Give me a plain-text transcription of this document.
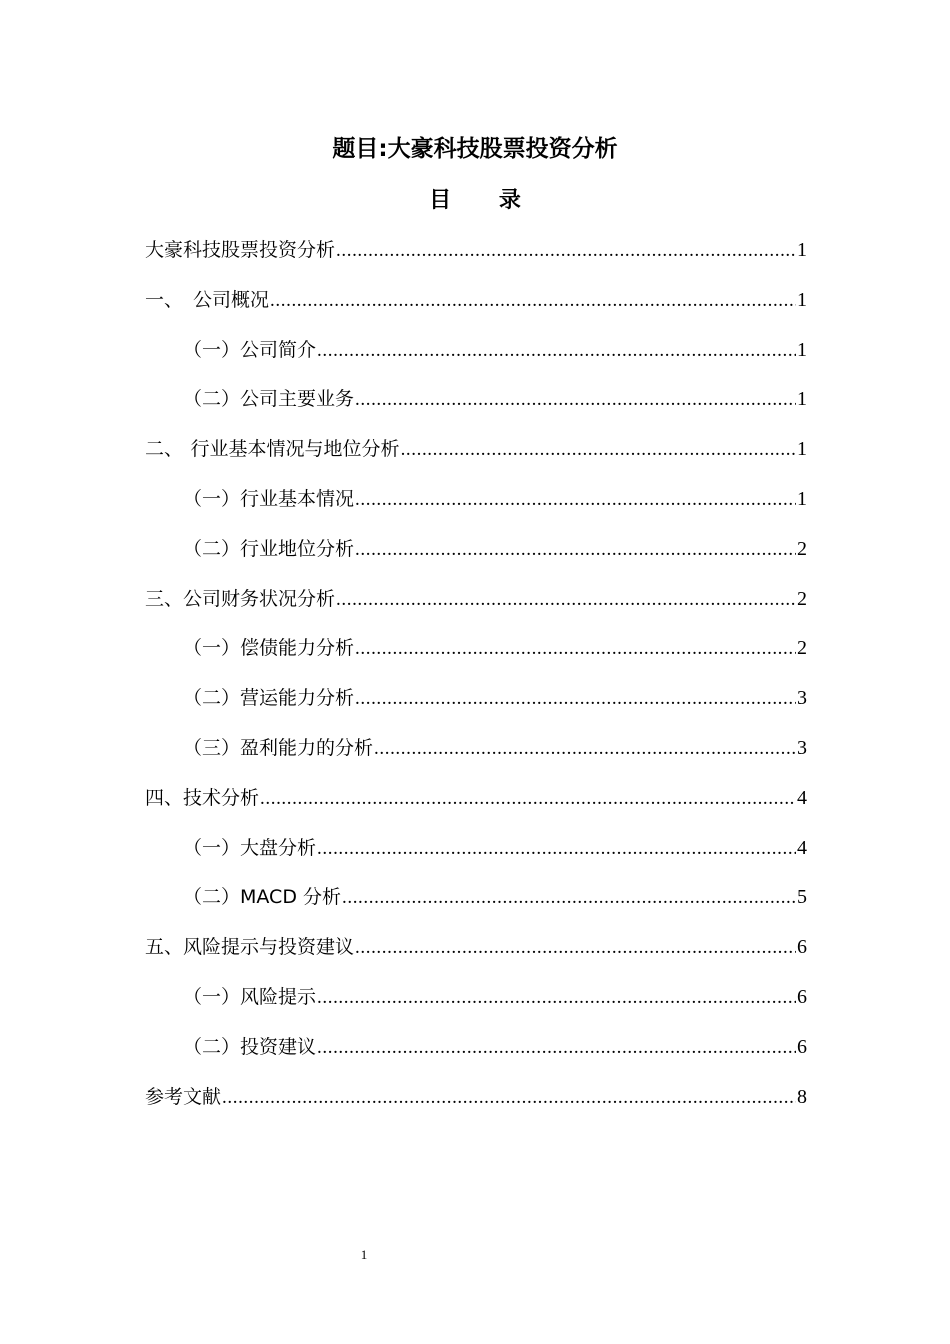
题目:大豪科技股票投资分析
目 录
大豪科技股票投资分析 .....	1
一、 公司概况 .....	1
（一）公司简介 .....	1
（二）公司主要业务 .....	1
二、 行业基本情况与地位分析 .....	1
（一）行业基本情况 .....	1
（二）行业地位分析 .....	2
三、公司财务状况分析 .....	2
（一）偿债能力分析 .....	2
（二）营运能力分析 .....	3
（三）盈利能力的分析 .....	3
四、技术分析 .....	4
（一）大盘分析 .....	4
（二）MACD 分析 .....	5
五、风险提示与投资建议 .....	6
（一）风险提示 .....	6
（二）投资建议 .....	6
参考文献 .....	8
1
